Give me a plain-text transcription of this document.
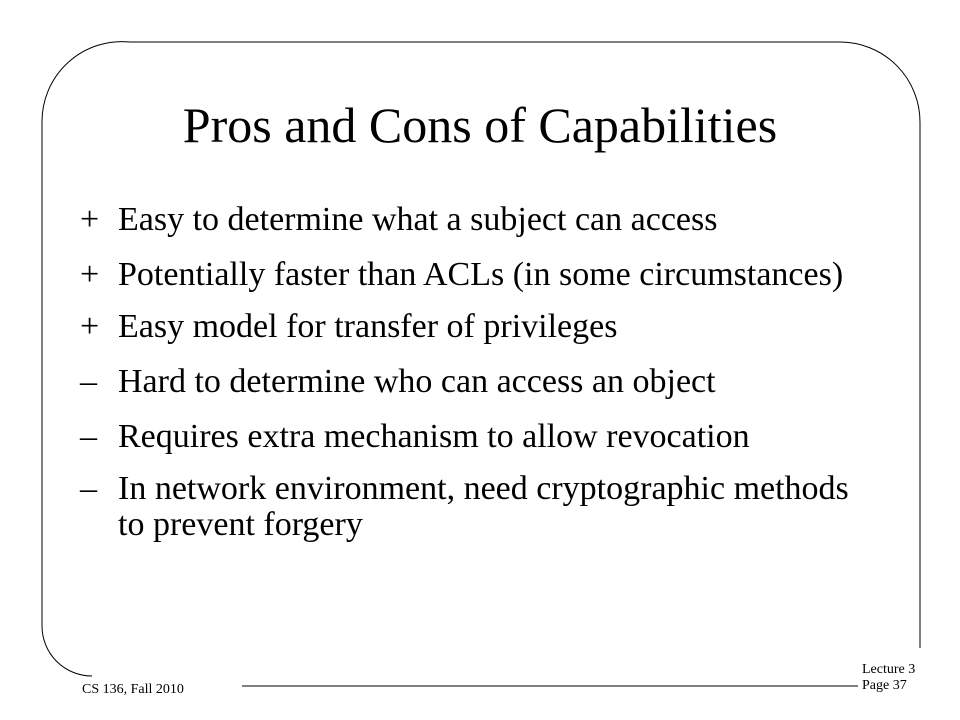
Pros and Cons of Capabilities
+ Easy to determine what a subject can access
+ Potentially faster than ACLs (in some circumstances)
+ Easy model for transfer of privileges
– Hard to determine who can access an object
– Requires extra mechanism to allow revocation
– In network environment, need cryptographic methods to prevent forgery
CS 136, Fall 2010
Lecture 3
Page 37
